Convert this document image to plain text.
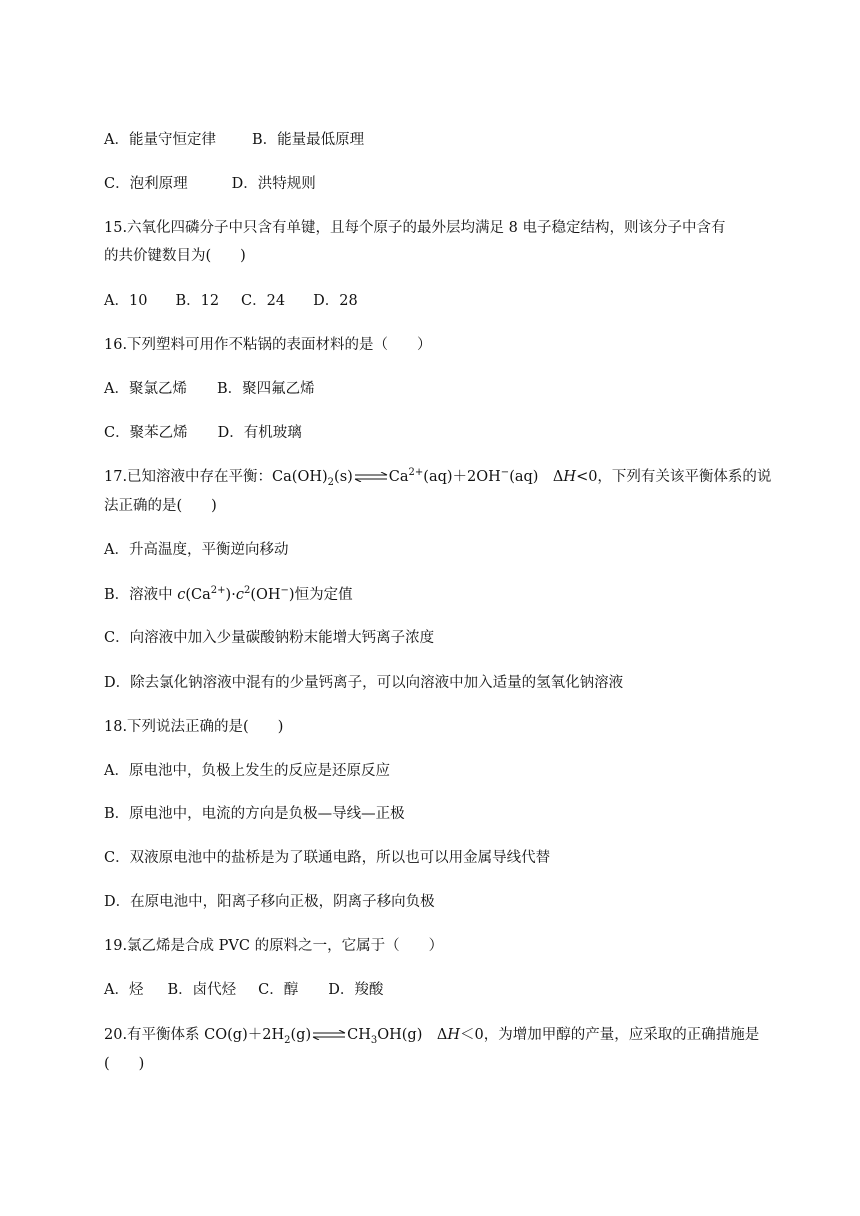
A．能量守恒定律 B．能量最低原理
C．泡利原理	D．洪特规则
15.六氧化四磷分子中只含有单键，且每个原子的最外层均满足 8 电子稳定结构，则该分子中含有
的共价键数目为(　　)
A．10 B．12 C．24 D．28
16.下列塑料可用作不粘锅的表面材料的是（　　）
A．聚氯乙烯 B．聚四氟乙烯
C．聚苯乙烯 D．有机玻璃
17.已知溶液中存在平衡：$Ca(OH)_2(s)\rightleftharpoons Ca^{2+}(aq)+2OH^-(aq)$　ΔH<0，下列有关该平衡体系的说
法正确的是(　　)
A．升高温度，平衡逆向移动
B．溶液中 $c(Ca^{2+})\cdot c^2(OH^-)$恒为定值
C．向溶液中加入少量碳酸钠粉末能增大钙离子浓度
D．除去氯化钠溶液中混有的少量钙离子，可以向溶液中加入适量的氢氧化钠溶液
18.下列说法正确的是(　　)
A．原电池中，负极上发生的反应是还原反应
B．原电池中，电流的方向是负极—导线—正极
C．双液原电池中的盐桥是为了联通电路，所以也可以用金属导线代替
D．在原电池中，阳离子移向正极，阴离子移向负极
19.氯乙烯是合成 PVC 的原料之一，它属于（　　）
A．烃 B．卤代烃 C．醇 D．羧酸
20.有平衡体系 $CO(g)+2H_2(g)\rightleftharpoons CH_3OH(g)$　ΔH＜0，为增加甲醇的产量，应采取的正确措施是
(　　)
